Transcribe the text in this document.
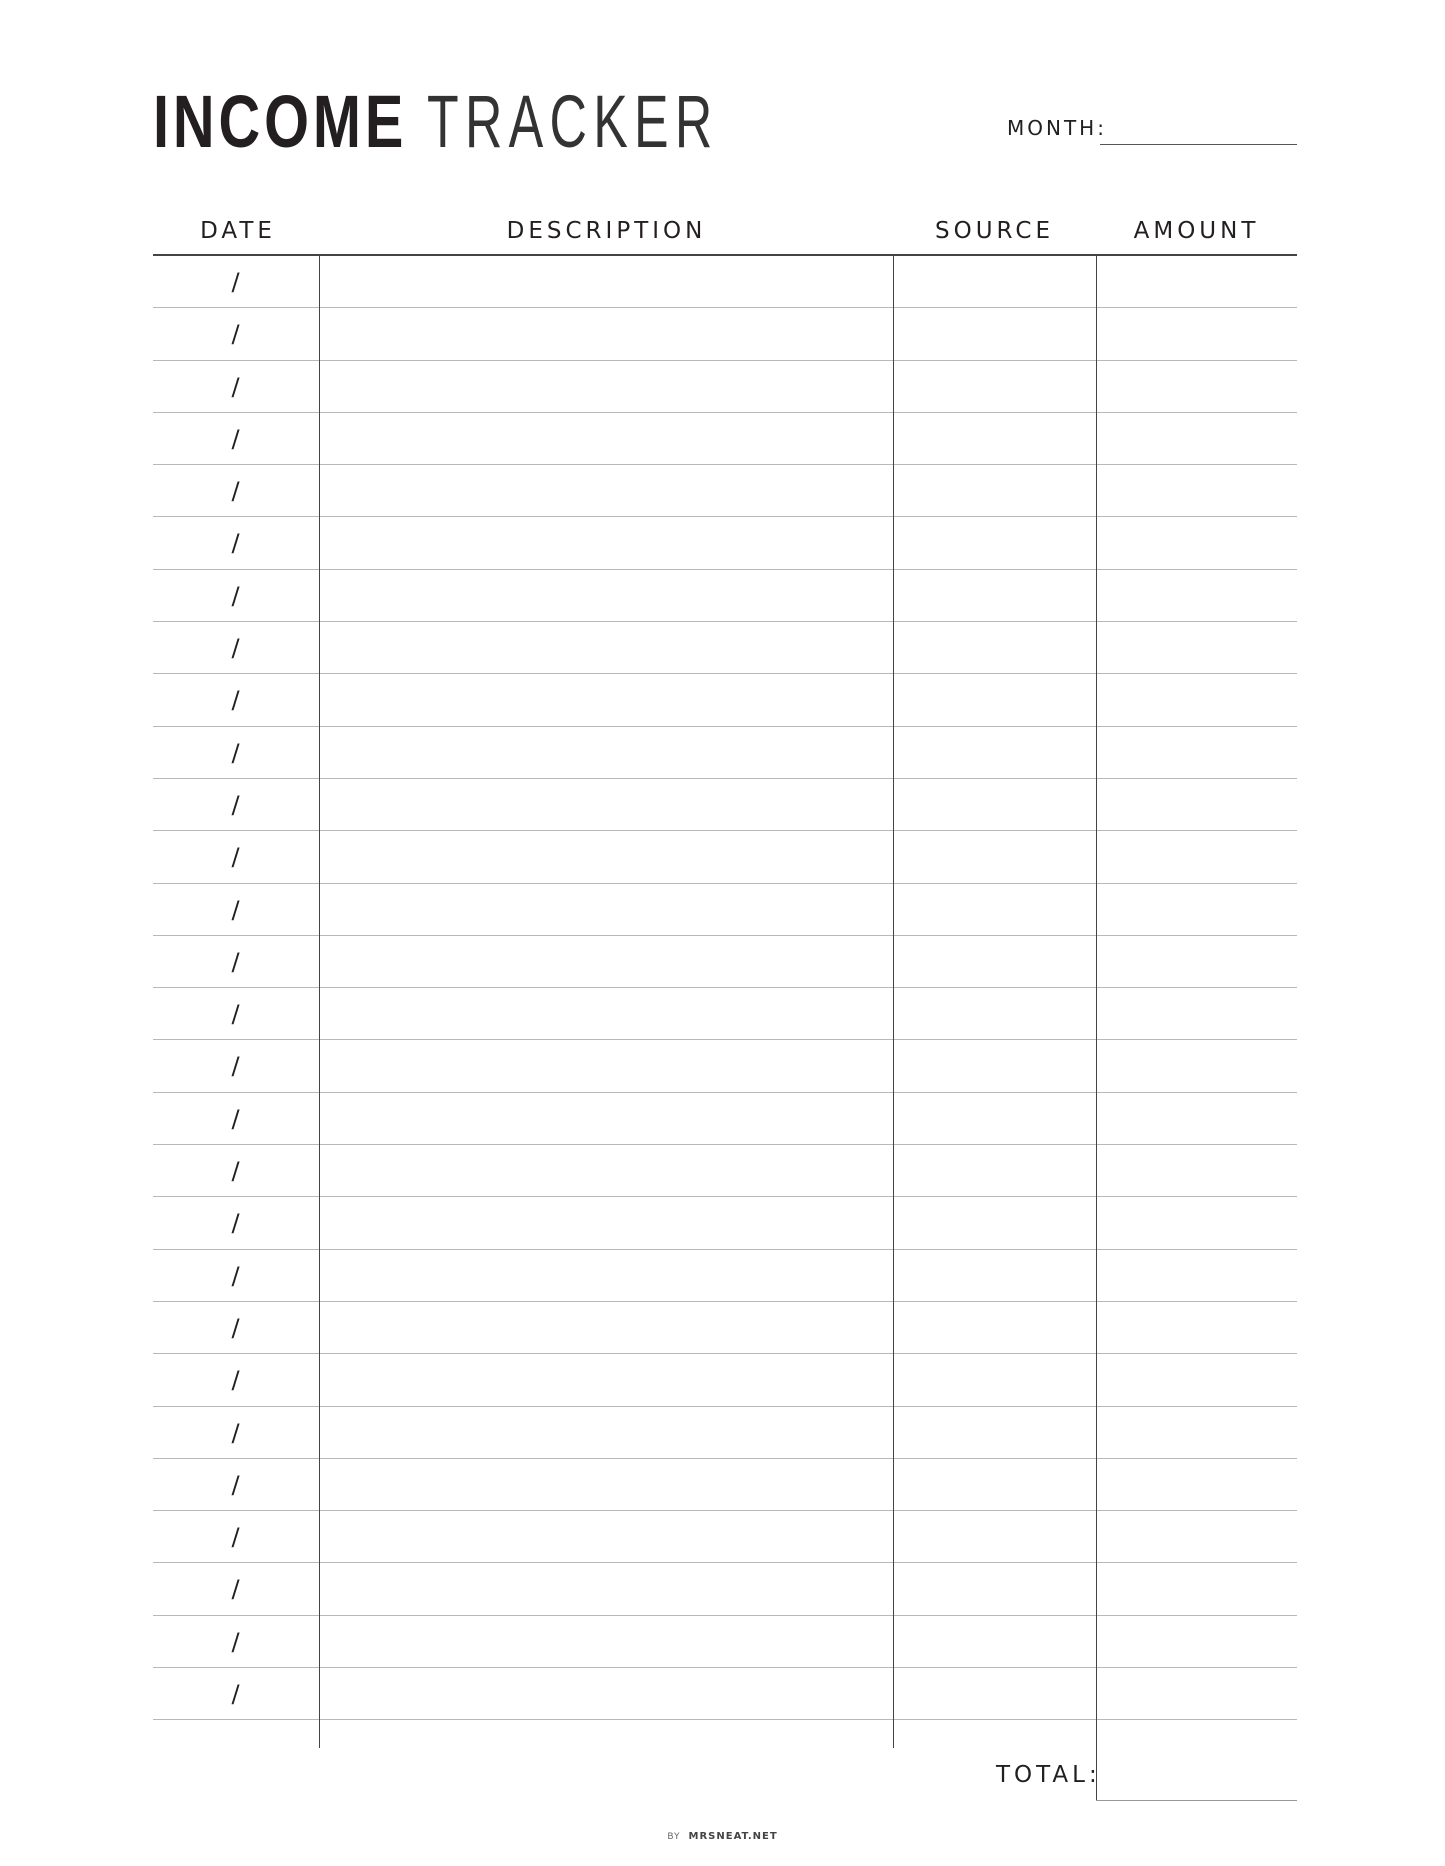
INCOME TRACKER	MONTH:
DATE	DESCRIPTION	SOURCE	AMOUNT
/
/
/
/
/
/
/
/
/
/
/
/
/
/
/
/
/
/
/
/
/
/
/
/
/
/
/
/
TOTAL:
BY MRSNEAT.NET
